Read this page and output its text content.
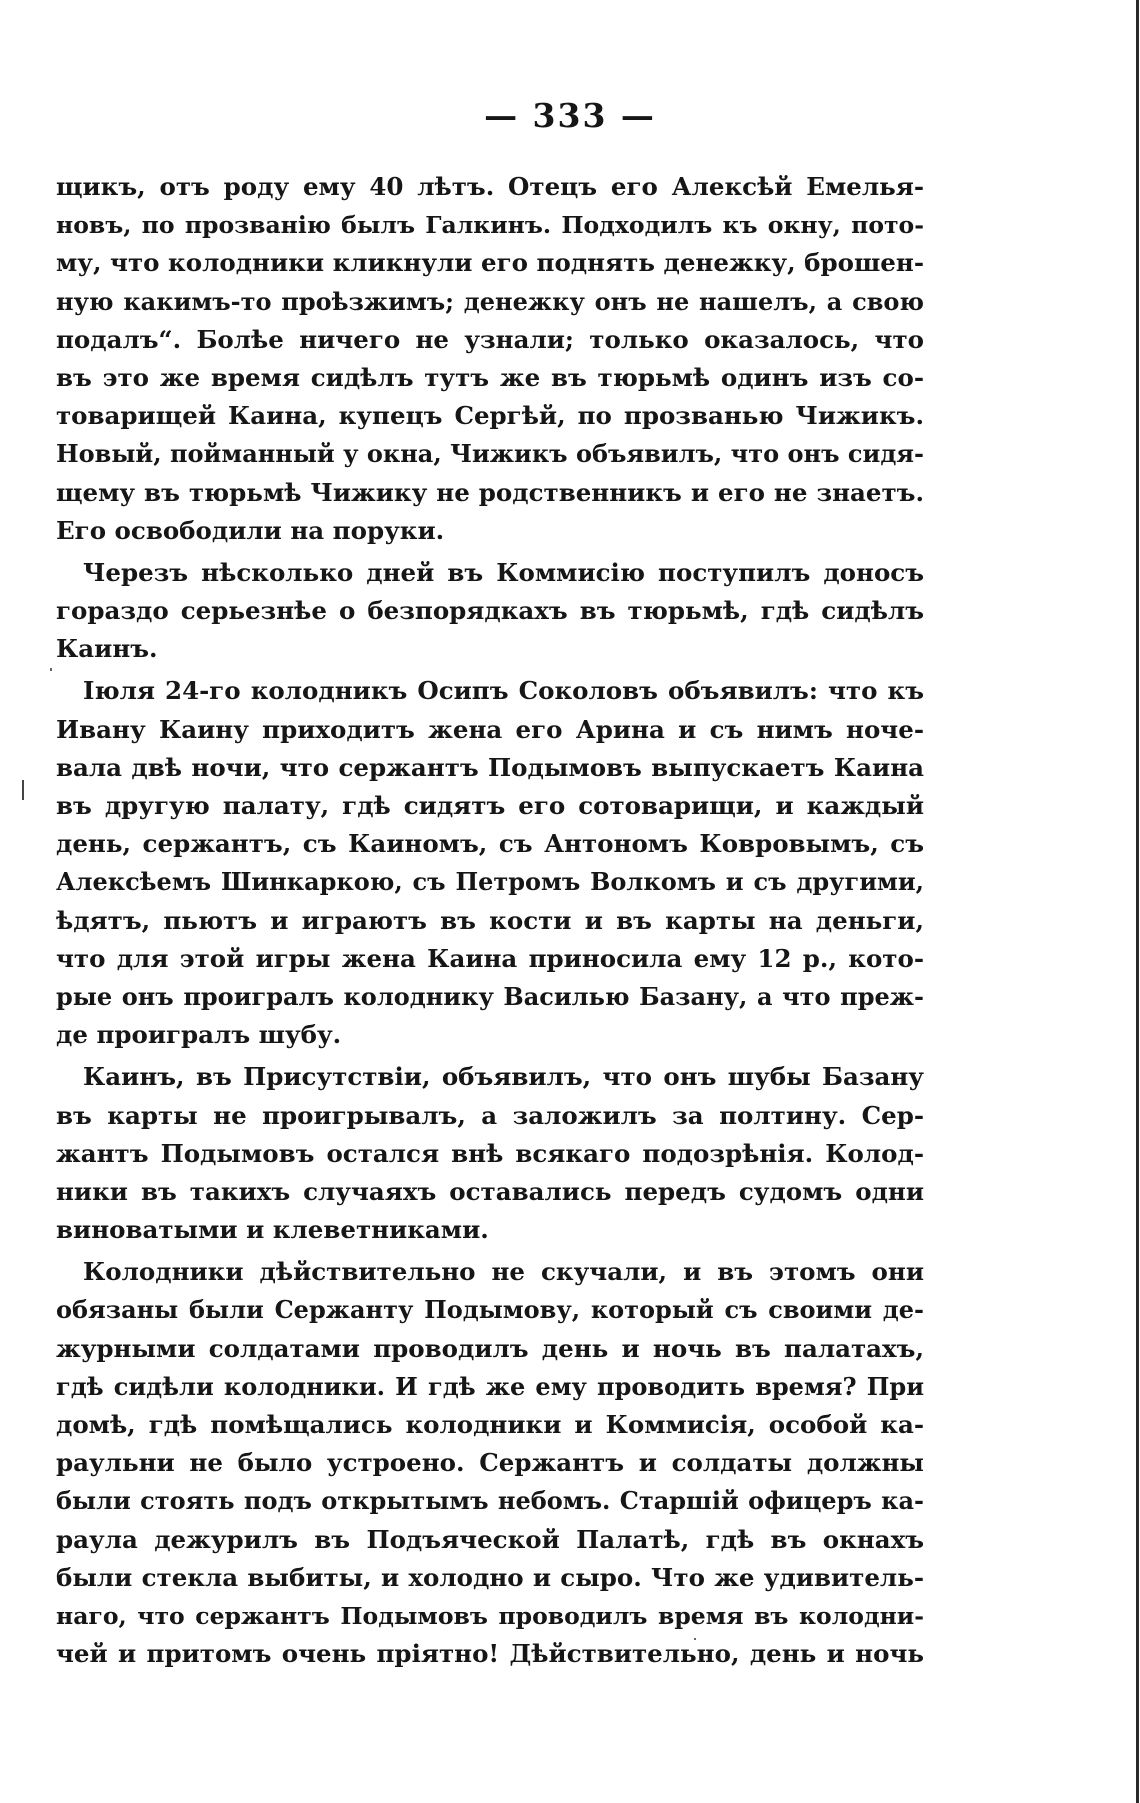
— 333 —
щикъ, отъ роду ему 40 лѣтъ. Отецъ его Алексѣй Емелья-
новъ, по прозванію былъ Галкинъ. Подходилъ къ окну, пото-
му, что колодники кликнули его поднять денежку, брошен-
ную какимъ-то проѣзжимъ; денежку онъ не нашелъ, а свою
подалъ“. Болѣе ничего не узнали; только оказалось, что
въ это же время сидѣлъ тутъ же въ тюрьмѣ одинъ изъ со-
товарищей Каина, купецъ Сергѣй, по прозванью Чижикъ.
Новый, пойманный у окна, Чижикъ объявилъ, что онъ сидя-
щему въ тюрьмѣ Чижику не родственникъ и его не знаетъ.
Его освободили на поруки.
Черезъ нѣсколько дней въ Коммисію поступилъ доносъ
гораздо серьезнѣе о безпорядкахъ въ тюрьмѣ, гдѣ сидѣлъ
Каинъ.
Іюля 24-го колодникъ Осипъ Соколовъ объявилъ: что къ
Ивану Каину приходитъ жена его Арина и съ нимъ ноче-
вала двѣ ночи, что сержантъ Подымовъ выпускаетъ Каина
въ другую палату, гдѣ сидятъ его сотоварищи, и каждый
день, сержантъ, съ Каиномъ, съ Антономъ Ковровымъ, съ
Алексѣемъ Шинкаркою, съ Петромъ Волкомъ и съ другими,
ѣдятъ, пьютъ и играютъ въ кости и въ карты на деньги,
что для этой игры жена Каина приносила ему 12 р., кото-
рые онъ проигралъ колоднику Василью Базану, а что преж-
де проигралъ шубу.
Каинъ, въ Присутствіи, объявилъ, что онъ шубы Базану
въ карты не проигрывалъ, а заложилъ за полтину. Сер-
жантъ Подымовъ остался внѣ всякаго подозрѣнія. Колод-
ники въ такихъ случаяхъ оставались передъ судомъ одни
виноватыми и клеветниками.
Колодники дѣйствительно не скучали, и въ этомъ они
обязаны были Сержанту Подымову, который съ своими де-
журными солдатами проводилъ день и ночь въ палатахъ,
гдѣ сидѣли колодники. И гдѣ же ему проводить время? При
домѣ, гдѣ помѣщались колодники и Коммисія, особой ка-
раульни не было устроено. Сержантъ и солдаты должны
были стоять подъ открытымъ небомъ. Старшій офицеръ ка-
раула дежурилъ въ Подъяческой Палатѣ, гдѣ въ окнахъ
были стекла выбиты, и холодно и сыро. Что же удивитель-
наго, что сержантъ Подымовъ проводилъ время въ колодни-
чей и притомъ очень пріятно! Дѣйствительно, день и ночь
